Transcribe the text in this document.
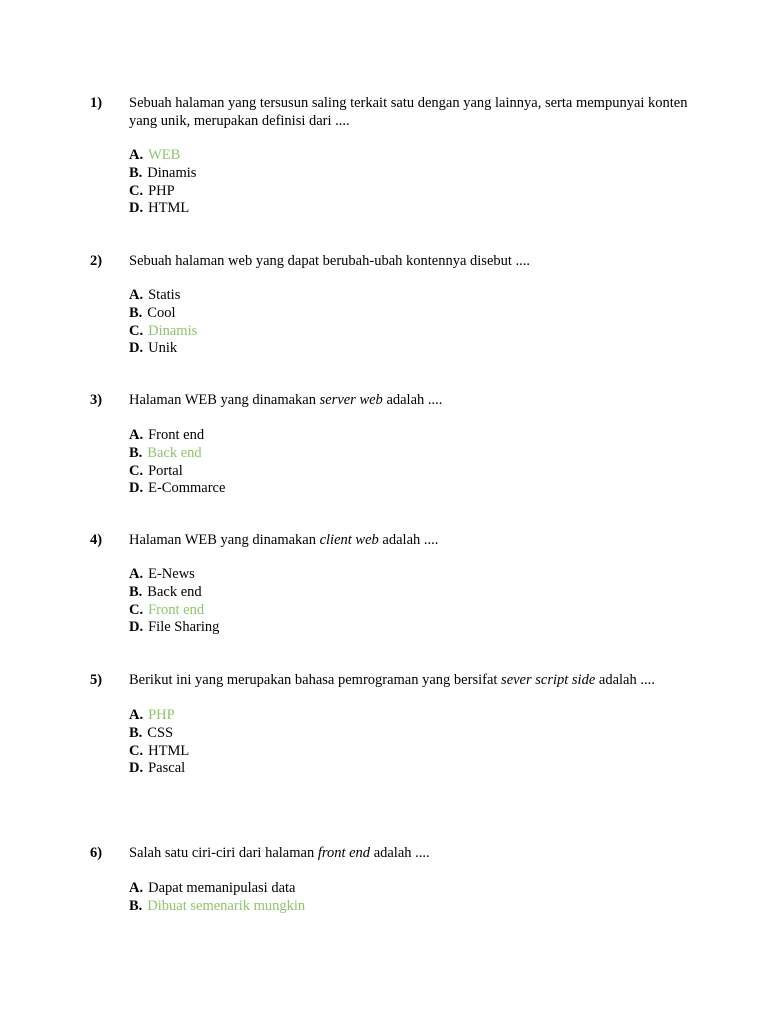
1) Sebuah halaman yang tersusun saling terkait satu dengan yang lainnya, serta mempunyai konten yang unik, merupakan definisi dari ....
A. WEB
B. Dinamis
C. PHP
D. HTML
2) Sebuah halaman web yang dapat berubah-ubah kontennya disebut ....
A. Statis
B. Cool
C. Dinamis
D. Unik
3) Halaman WEB yang dinamakan server web adalah ....
A. Front end
B. Back end
C. Portal
D. E-Commarce
4) Halaman WEB yang dinamakan client web adalah ....
A. E-News
B. Back end
C. Front end
D. File Sharing
5) Berikut ini yang merupakan bahasa pemrograman yang bersifat sever script side adalah ....
A. PHP
B. CSS
C. HTML
D. Pascal
6) Salah satu ciri-ciri dari halaman front end adalah ....
A. Dapat memanipulasi data
B. Dibuat semenarik mungkin
